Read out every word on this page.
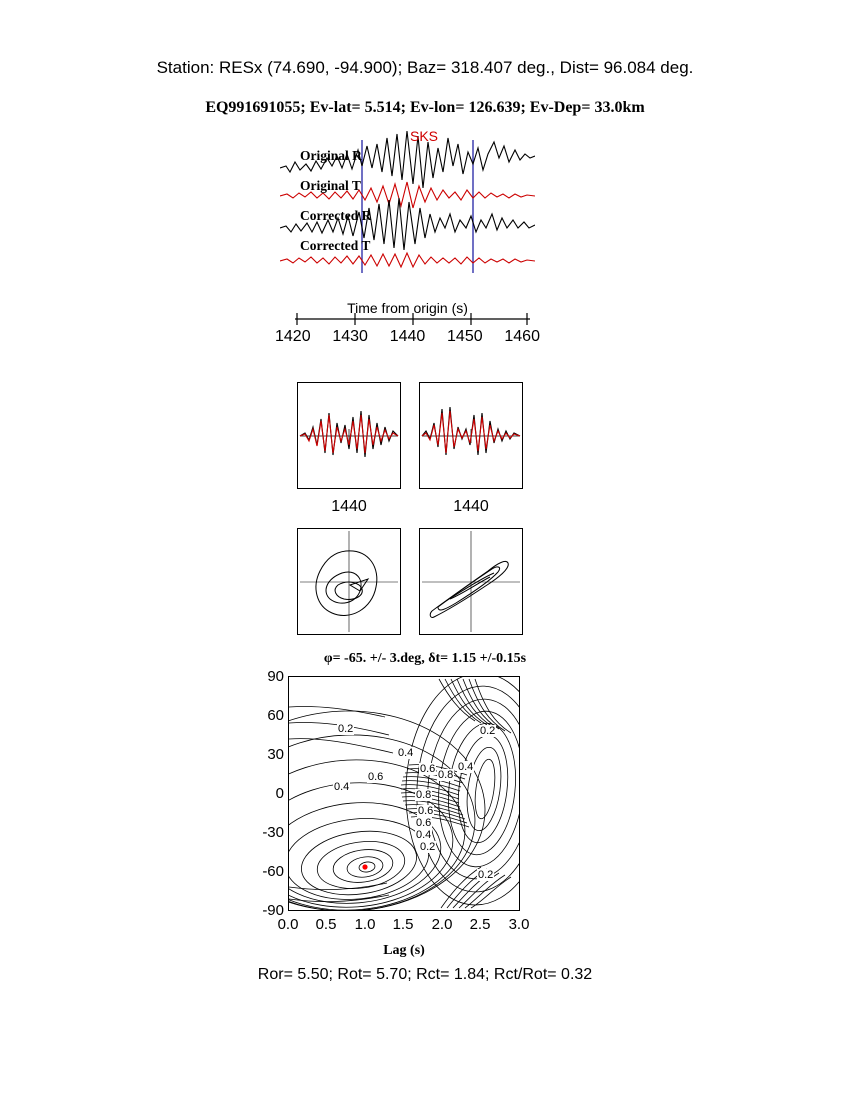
Station: RESx (74.690, -94.900); Baz= 318.407 deg., Dist= 96.084 deg.
EQ991691055; Ev-lat= 5.514; Ev-lon= 126.639; Ev-Dep= 33.0km
Original R
Original T
Corrected R
Corrected T
SKS
Time from origin (s)
1420 1430 1440 1450 1460
1440	1440
φ= -65. +/- 3.deg, δt= 1.15 +/-0.15s
90
60
30
0
-30
-60
-90
0.2
0.4
0.6
0.4
0.2
0.6 0.8
0.6
0.4
0.8
0.6
0.4
0.2
0.2
0.0	0.5	1.0	1.5	2.0	2.5	3.0
Lag (s)
Ror= 5.50; Rot= 5.70; Rct= 1.84; Rct/Rot= 0.32
